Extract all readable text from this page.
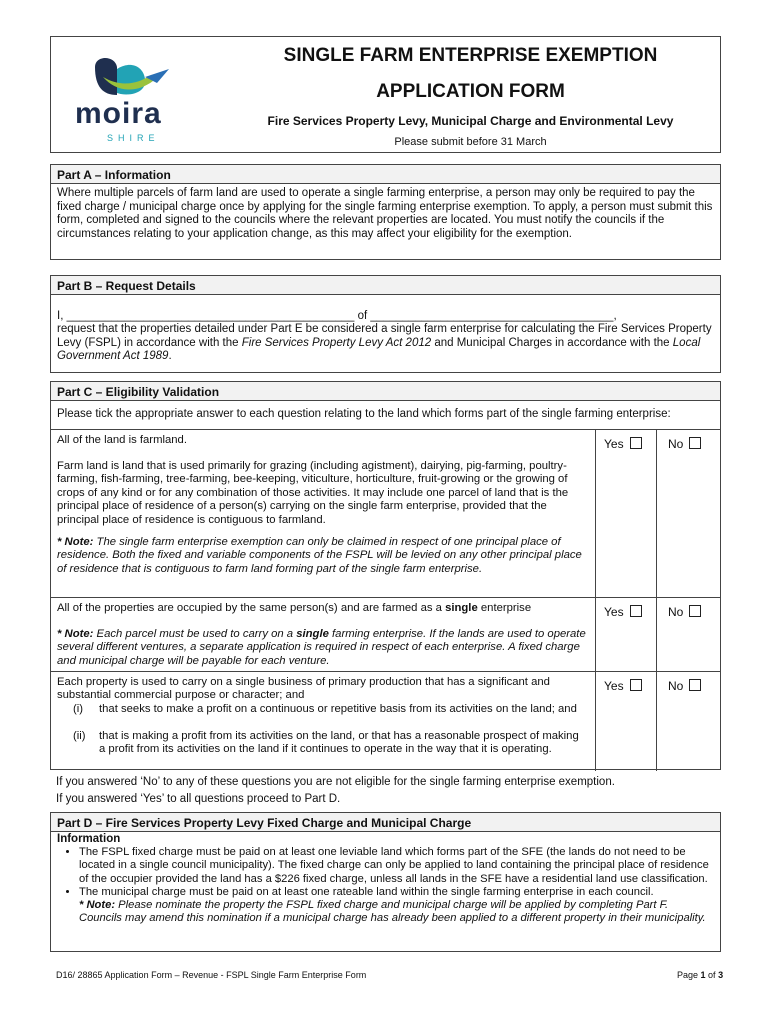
moira
SHIRE
SINGLE FARM ENTERPRISE EXEMPTION
APPLICATION FORM
Fire Services Property Levy, Municipal Charge and Environmental Levy
Please submit before 31 March
Part A – Information
Where multiple parcels of farm land are used to operate a single farming enterprise, a person may only be required to pay the fixed charge / municipal charge once by applying for the single farming enterprise exemption. To apply, a person must submit this form, completed and signed to the councils where the relevant properties are located. You must notify the councils if the circumstances relating to your application change, as this may affect your eligibility for the exemption.
Part B – Request Details
I, _____________________________________________ of ______________________________________,
request that the properties detailed under Part E be considered a single farm enterprise for calculating the Fire Services Property Levy (FSPL) in accordance with the Fire Services Property Levy Act 2012 and Municipal Charges in accordance with the Local Government Act 1989.
Part C – Eligibility Validation
Please tick the appropriate answer to each question relating to the land which forms part of the single farming enterprise:
All of the land is farmland.
Farm land is land that is used primarily for grazing (including agistment), dairying, pig-farming, poultry-farming, fish-farming, tree-farming, bee-keeping, viticulture, horticulture, fruit-growing or the growing of crops of any kind or for any combination of those activities. It may include one parcel of land that is the principal place of residence of a person(s) carrying on the single farm enterprise, provided that the principal place of residence is contiguous to farmland.
* Note: The single farm enterprise exemption can only be claimed in respect of one principal place of residence. Both the fixed and variable components of the FSPL will be levied on any other principal place of residence that is contiguous to farm land forming part of the single farm enterprise.
Yes	No
All of the properties are occupied by the same person(s) and are farmed as a single enterprise
* Note: Each parcel must be used to carry on a single farming enterprise. If the lands are used to operate several different ventures, a separate application is required in respect of each enterprise. A fixed charge and municipal charge will be payable for each venture.
Yes	No
Each property is used to carry on a single business of primary production that has a significant and substantial commercial purpose or character; and
(i)	that seeks to make a profit on a continuous or repetitive basis from its activities on the land; and
(ii)	that is making a profit from its activities on the land, or that has a reasonable prospect of making a profit from its activities on the land if it continues to operate in the way that it is operating.
Yes	No
If you answered ‘No’ to any of these questions you are not eligible for the single farming enterprise exemption.
If you answered ‘Yes’ to all questions proceed to Part D.
Part D – Fire Services Property Levy Fixed Charge and Municipal Charge
Information
• The FSPL fixed charge must be paid on at least one leviable land which forms part of the SFE (the lands do not need to be located in a single council municipality). The fixed charge can only be applied to land containing the principal place of residence of the occupier provided the land has a $226 fixed charge, unless all lands in the SFE have a residential land use classification.
• The municipal charge must be paid on at least one rateable land within the single farming enterprise in each council.
* Note: Please nominate the property the FSPL fixed charge and municipal charge will be applied by completing Part F. Councils may amend this nomination if a municipal charge has already been applied to a different property in their municipality.
D16/ 28865 Application Form – Revenue - FSPL Single Farm Enterprise Form	Page 1 of 3
